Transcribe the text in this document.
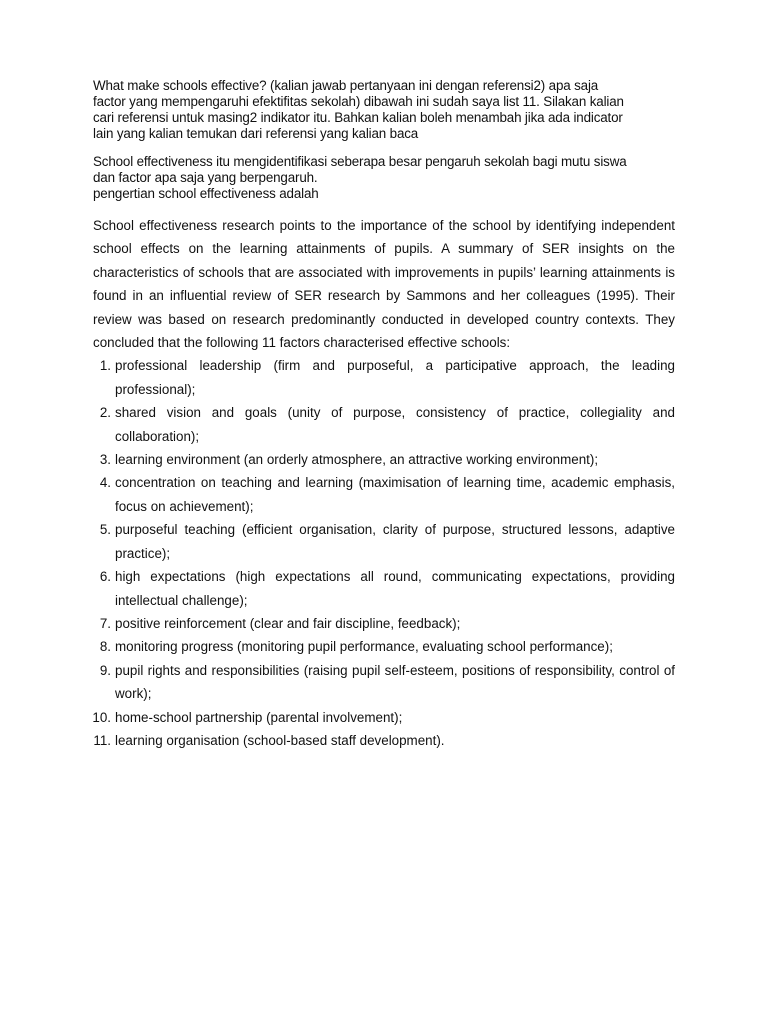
What make schools effective? (kalian jawab pertanyaan ini dengan referensi2) apa saja

factor yang mempengaruhi efektifitas sekolah) dibawah ini sudah saya list 11. Silakan kalian

cari referensi untuk masing2 indikator itu. Bahkan kalian boleh menambah jika ada indicator

lain yang kalian temukan dari referensi yang kalian baca

School effectiveness itu mengidentifikasi seberapa besar pengaruh sekolah bagi mutu siswa

dan factor apa saja yang berpengaruh.

pengertian school effectiveness adalah

School effectiveness research points to the importance of the school by identifying independent school effects on the learning attainments of pupils. A summary of SER insights on the characteristics of schools that are associated with improvements in pupils’ learning attainments is found in an influential review of SER research by Sammons and her colleagues (1995). Their review was based on research predominantly conducted in developed country contexts. They concluded that the following 11 factors characterised effective schools:

1. professional leadership (firm and purposeful, a participative approach, the leading professional);
2. shared vision and goals (unity of purpose, consistency of practice, collegiality and collaboration);
3. learning environment (an orderly atmosphere, an attractive working environment);
4. concentration on teaching and learning (maximisation of learning time, academic emphasis, focus on achievement);
5. purposeful teaching (efficient organisation, clarity of purpose, structured lessons, adaptive practice);
6. high expectations (high expectations all round, communicating expectations, providing intellectual challenge);
7. positive reinforcement (clear and fair discipline, feedback);
8. monitoring progress (monitoring pupil performance, evaluating school performance);
9. pupil rights and responsibilities (raising pupil self-esteem, positions of responsibility, control of work);
10. home-school partnership (parental involvement);
11. learning organisation (school-based staff development).
